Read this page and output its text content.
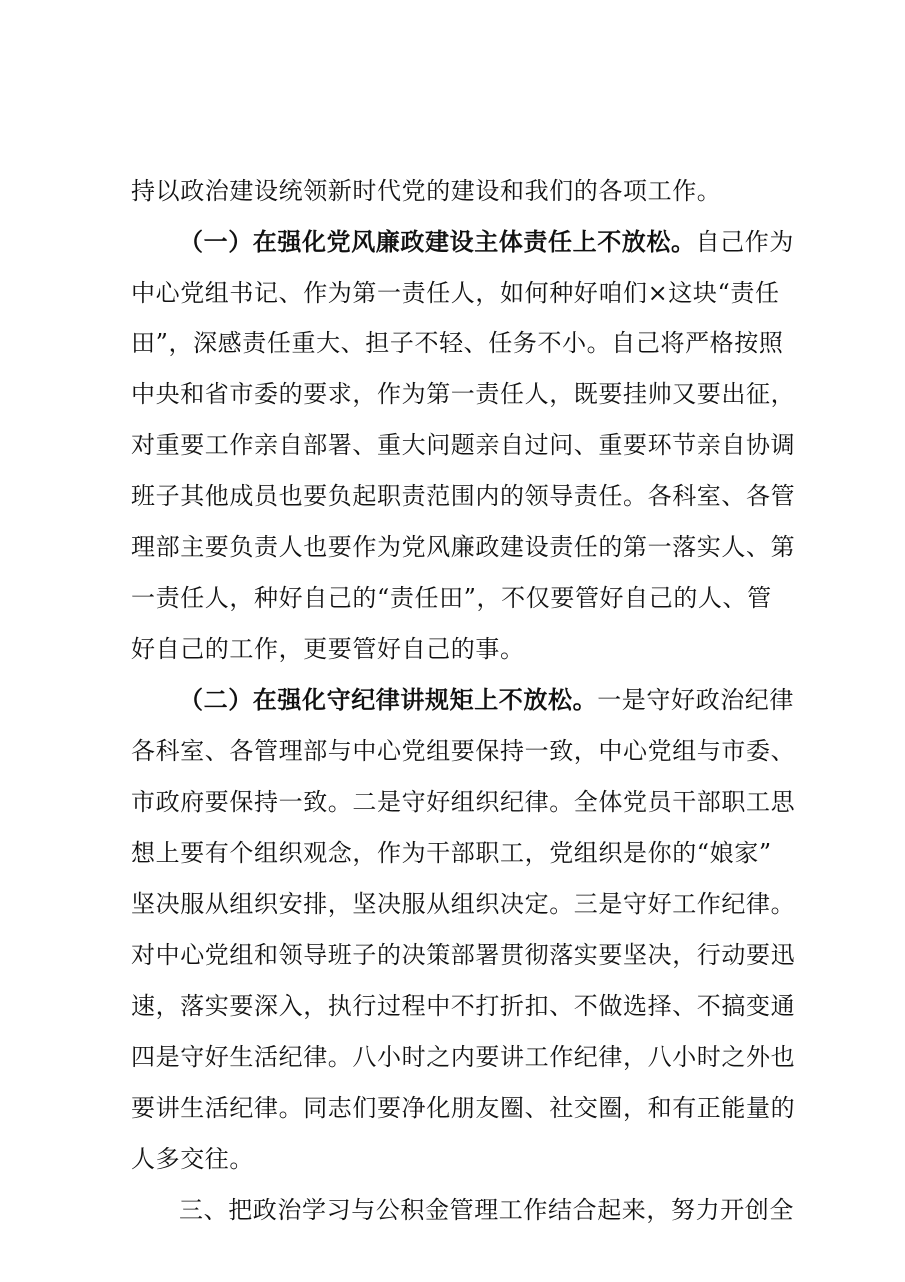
持以政治建设统领新时代党的建设和我们的各项工作。
（一）在强化党风廉政建设主体责任上不放松。自己作为
中心党组书记、作为第一责任人，如何种好咱们×这块“责任
田”，深感责任重大、担子不轻、任务不小。自己将严格按照
中央和省市委的要求，作为第一责任人，既要挂帅又要出征，
对重要工作亲自部署、重大问题亲自过问、重要环节亲自协调
班子其他成员也要负起职责范围内的领导责任。各科室、各管
理部主要负责人也要作为党风廉政建设责任的第一落实人、第
一责任人，种好自己的“责任田”，不仅要管好自己的人、管
好自己的工作，更要管好自己的事。
（二）在强化守纪律讲规矩上不放松。一是守好政治纪律
各科室、各管理部与中心党组要保持一致，中心党组与市委、
市政府要保持一致。二是守好组织纪律。全体党员干部职工思
想上要有个组织观念，作为干部职工，党组织是你的“娘家”
坚决服从组织安排，坚决服从组织决定。三是守好工作纪律。
对中心党组和领导班子的决策部署贯彻落实要坚决，行动要迅
速，落实要深入，执行过程中不打折扣、不做选择、不搞变通
四是守好生活纪律。八小时之内要讲工作纪律，八小时之外也
要讲生活纪律。同志们要净化朋友圈、社交圈，和有正能量的
人多交往。
三、把政治学习与公积金管理工作结合起来，努力开创全
